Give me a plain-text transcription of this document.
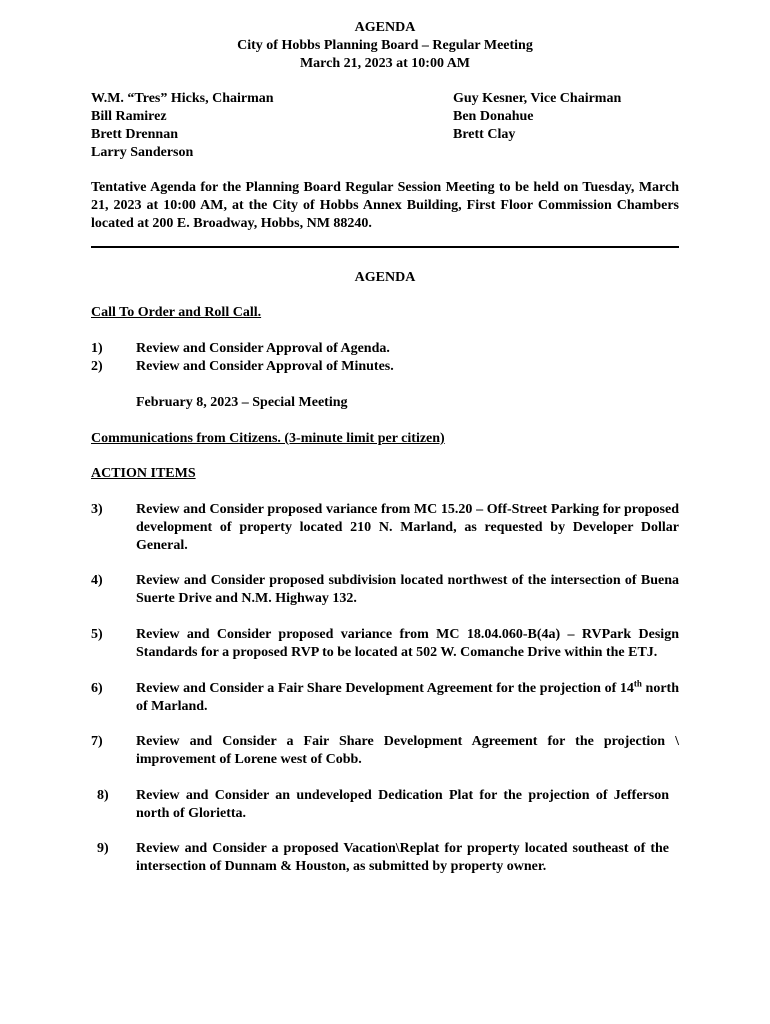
AGENDA
City of Hobbs Planning Board – Regular Meeting
March 21, 2023 at 10:00 AM
W.M. “Tres” Hicks, Chairman
Bill Ramirez
Brett Drennan
Larry Sanderson
Guy Kesner, Vice Chairman
Ben Donahue
Brett Clay
Tentative Agenda for the Planning Board Regular Session Meeting to be held on Tuesday, March 21, 2023 at 10:00 AM, at the City of Hobbs Annex Building, First Floor Commission Chambers located at 200 E. Broadway, Hobbs, NM 88240.
AGENDA
Call To Order and Roll Call.
1) Review and Consider Approval of Agenda.
2) Review and Consider Approval of Minutes.
February 8, 2023 – Special Meeting
Communications from Citizens. (3-minute limit per citizen)
ACTION ITEMS
3) Review and Consider proposed variance from MC 15.20 – Off-Street Parking for proposed development of property located 210 N. Marland, as requested by Developer Dollar General.
4) Review and Consider proposed subdivision located northwest of the intersection of Buena Suerte Drive and N.M. Highway 132.
5) Review and Consider proposed variance from MC 18.04.060-B(4a) – RVPark Design Standards for a proposed RVP to be located at 502 W. Comanche Drive within the ETJ.
6) Review and Consider a Fair Share Development Agreement for the projection of 14th north of Marland.
7) Review and Consider a Fair Share Development Agreement for the projection \ improvement of Lorene west of Cobb.
8) Review and Consider an undeveloped Dedication Plat for the projection of Jefferson north of Glorietta.
9) Review and Consider a proposed Vacation\Replat for property located southeast of the intersection of Dunnam & Houston, as submitted by property owner.
